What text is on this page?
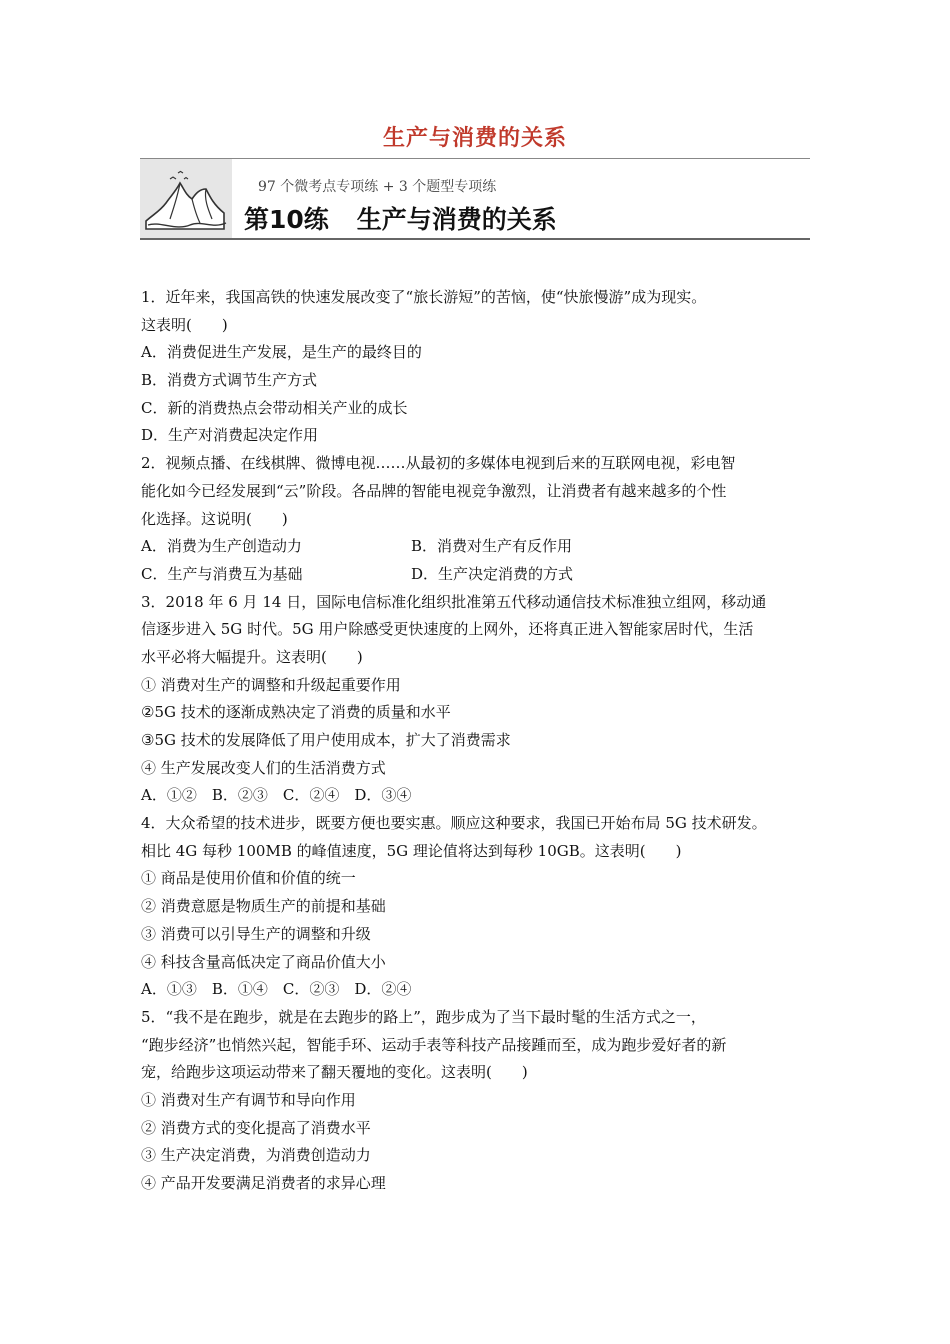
生产与消费的关系
97 个微考点专项练 + 3 个题型专项练
第10练 生产与消费的关系
1．近年来，我国高铁的快速发展改变了“旅长游短”的苦恼，使“快旅慢游”成为现实。
这表明(　　)
A．消费促进生产发展，是生产的最终目的
B．消费方式调节生产方式
C．新的消费热点会带动相关产业的成长
D．生产对消费起决定作用
2．视频点播、在线棋牌、微博电视……从最初的多媒体电视到后来的互联网电视，彩电智
能化如今已经发展到“云”阶段。各品牌的智能电视竞争激烈，让消费者有越来越多的个性
化选择。这说明(　　)
A．消费为生产创造动力	B．消费对生产有反作用
C．生产与消费互为基础	D．生产决定消费的方式
3．2018 年 6 月 14 日，国际电信标准化组织批准第五代移动通信技术标准独立组网，移动通
信逐步进入 5G 时代。5G 用户除感受更快速度的上网外，还将真正进入智能家居时代，生活
水平必将大幅提升。这表明(　　)
① 消费对生产的调整和升级起重要作用
②5G 技术的逐渐成熟决定了消费的质量和水平
③5G 技术的发展降低了用户使用成本，扩大了消费需求
④ 生产发展改变人们的生活消费方式
A．①②　B．②③　C．②④　D．③④
4．大众希望的技术进步，既要方便也要实惠。顺应这种要求，我国已开始布局 5G 技术研发。
相比 4G 每秒 100MB 的峰值速度，5G 理论值将达到每秒 10GB。这表明(　　)
① 商品是使用价值和价值的统一
② 消费意愿是物质生产的前提和基础
③ 消费可以引导生产的调整和升级
④ 科技含量高低决定了商品价值大小
A．①③　B．①④　C．②③　D．②④
5．“我不是在跑步，就是在去跑步的路上”，跑步成为了当下最时髦的生活方式之一，
“跑步经济”也悄然兴起，智能手环、运动手表等科技产品接踵而至，成为跑步爱好者的新
宠，给跑步这项运动带来了翻天覆地的变化。这表明(　　)
① 消费对生产有调节和导向作用
② 消费方式的变化提高了消费水平
③ 生产决定消费，为消费创造动力
④ 产品开发要满足消费者的求异心理
